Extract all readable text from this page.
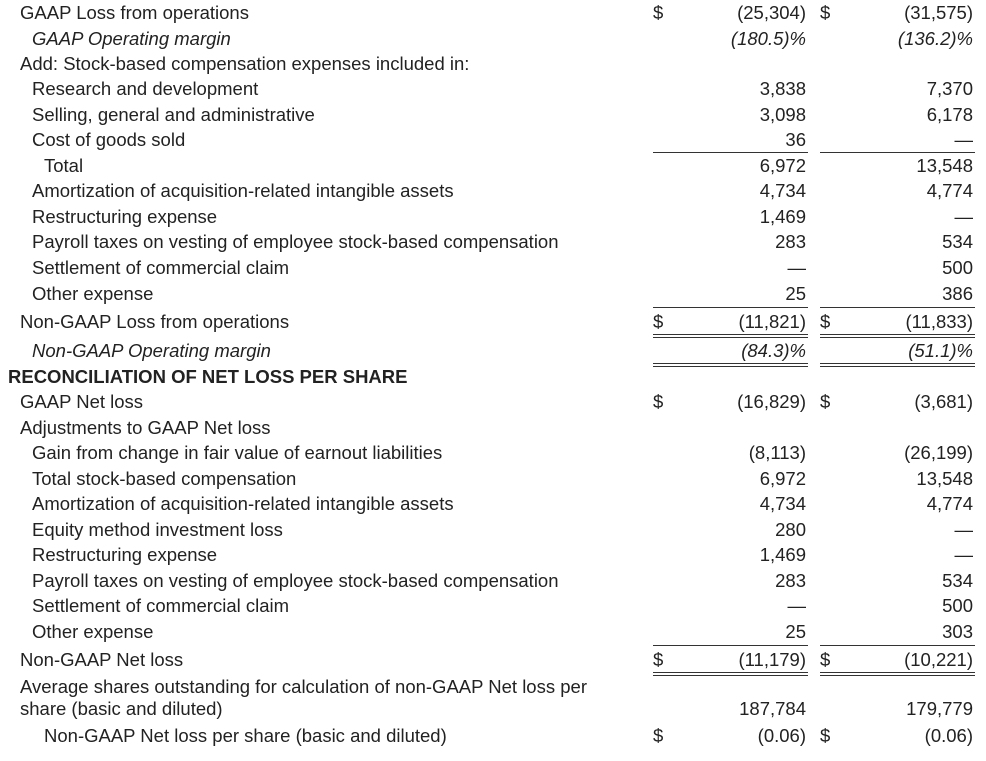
GAAP Loss from operations	$	(25,304) $	(31,575)
GAAP Operating margin	(180.5)%	(136.2)%
Add: Stock-based compensation expenses included in:
Research and development	3,838	7,370
Selling, general and administrative	3,098	6,178
Cost of goods sold	36	—
Total	6,972	13,548
Amortization of acquisition-related intangible assets	4,734	4,774
Restructuring expense	1,469	—
Payroll taxes on vesting of employee stock-based compensation	283	534
Settlement of commercial claim	—	500
Other expense	25	386
Non-GAAP Loss from operations	$	(11,821) $	(11,833)
Non-GAAP Operating margin	(84.3)%	(51.1)%
RECONCILIATION OF NET LOSS PER SHARE
GAAP Net loss	$	(16,829) $	(3,681)
Adjustments to GAAP Net loss
Gain from change in fair value of earnout liabilities	(8,113)	(26,199)
Total stock-based compensation	6,972	13,548
Amortization of acquisition-related intangible assets	4,734	4,774
Equity method investment loss	280	—
Restructuring expense	1,469	—
Payroll taxes on vesting of employee stock-based compensation	283	534
Settlement of commercial claim	—	500
Other expense	25	303
Non-GAAP Net loss	$	(11,179) $	(10,221)
Average shares outstanding for calculation of non-GAAP Net loss per
share (basic and diluted)	187,784	179,779
Non-GAAP Net loss per share (basic and diluted)	$	(0.06) $	(0.06)
